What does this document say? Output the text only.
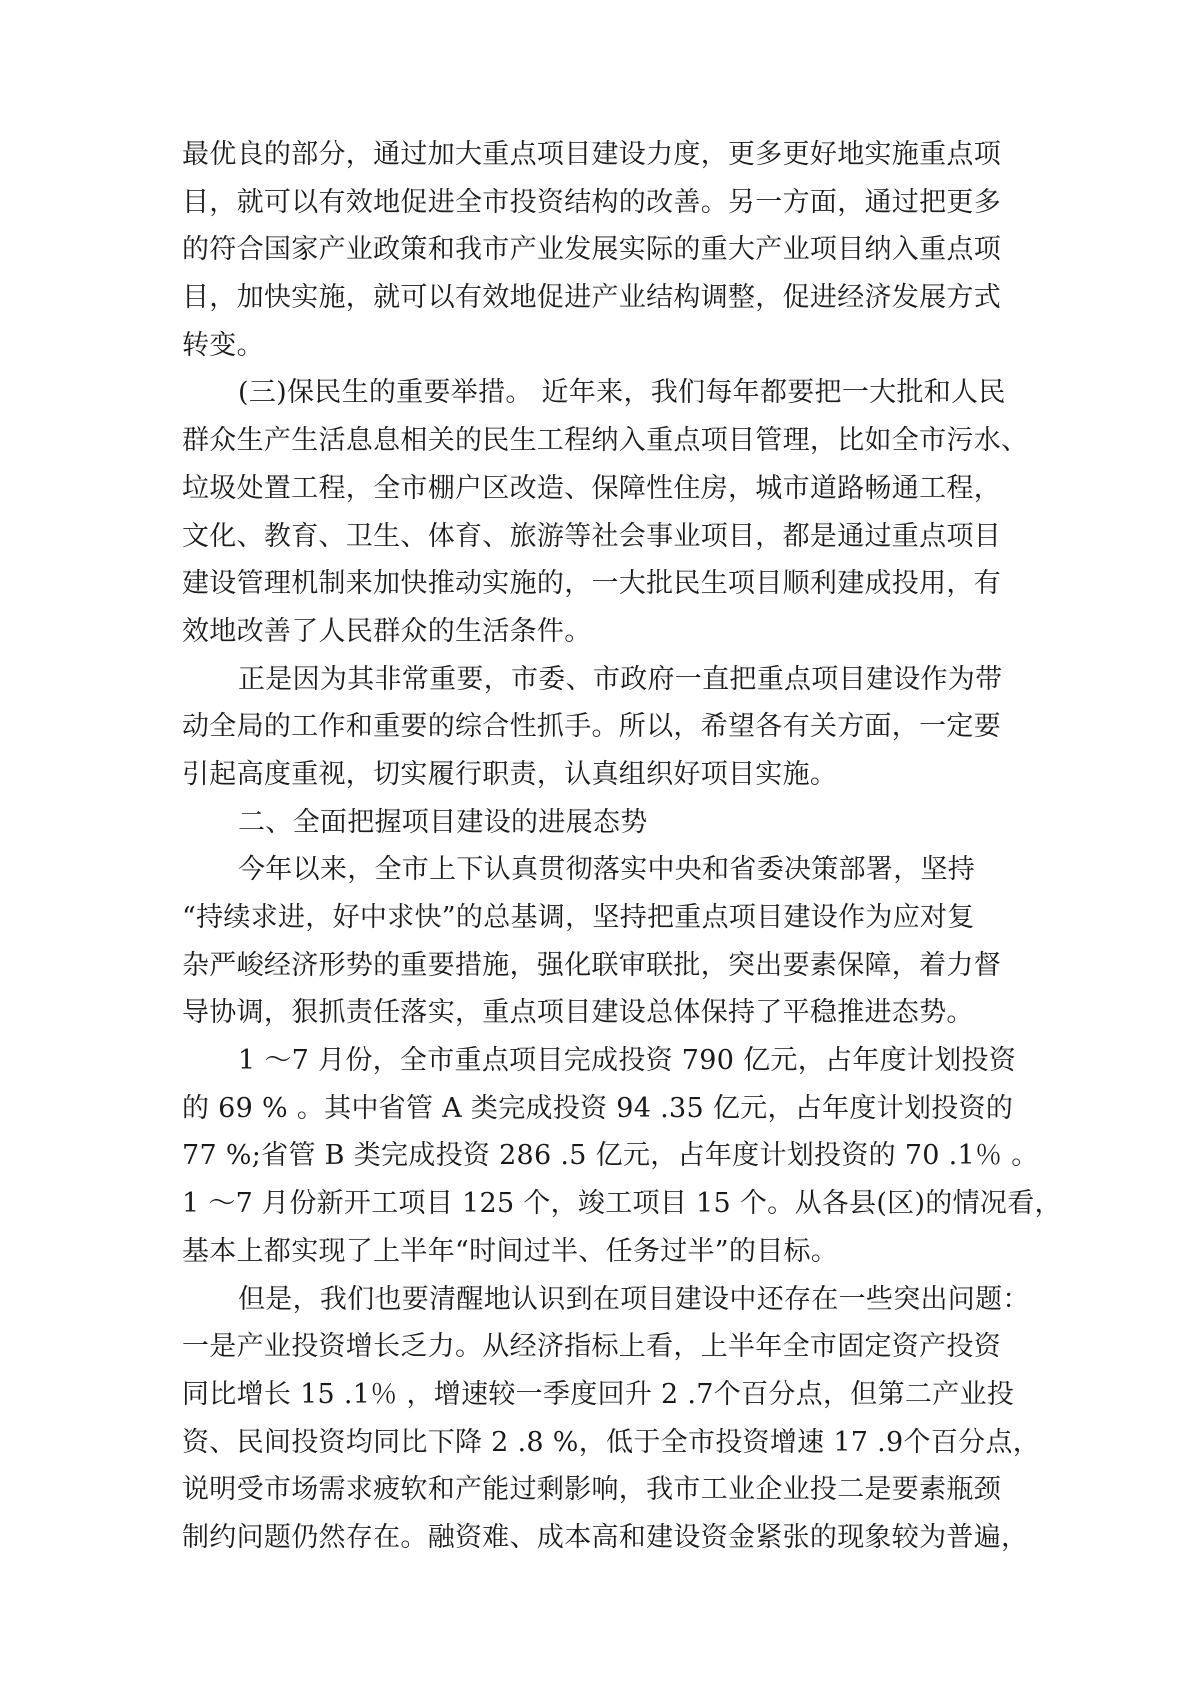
最优良的部分，通过加大重点项目建设力度，更多更好地实施重点项
目，就可以有效地促进全市投资结构的改善。另一方面，通过把更多
的符合国家产业政策和我市产业发展实际的重大产业项目纳入重点项
目，加快实施，就可以有效地促进产业结构调整，促进经济发展方式
转变。
(三)保民生的重要举措。 近年来，我们每年都要把一大批和人民
群众生产生活息息相关的民生工程纳入重点项目管理，比如全市污水、
垃圾处置工程，全市棚户区改造、保障性住房，城市道路畅通工程，
文化、教育、卫生、体育、旅游等社会事业项目，都是通过重点项目
建设管理机制来加快推动实施的，一大批民生项目顺利建成投用，有
效地改善了人民群众的生活条件。
正是因为其非常重要，市委、市政府一直把重点项目建设作为带
动全局的工作和重要的综合性抓手。所以，希望各有关方面，一定要
引起高度重视，切实履行职责，认真组织好项目实施。
二、全面把握项目建设的进展态势
今年以来，全市上下认真贯彻落实中央和省委决策部署，坚持
“持续求进，好中求快”的总基调，坚持把重点项目建设作为应对复
杂严峻经济形势的重要措施，强化联审联批，突出要素保障，着力督
导协调，狠抓责任落实，重点项目建设总体保持了平稳推进态势。
1 ～7 月份，全市重点项目完成投资 790 亿元，占年度计划投资
的 69 % 。其中省管 A 类完成投资 94 .35 亿元，占年度计划投资的
77 %;省管 B 类完成投资 286 .5 亿元，占年度计划投资的 70 .1％ 。
1 ～7 月份新开工项目 125 个，竣工项目 15 个。从各县(区)的情况看，
基本上都实现了上半年“时间过半、任务过半”的目标。
但是，我们也要清醒地认识到在项目建设中还存在一些突出问题：
一是产业投资增长乏力。从经济指标上看，上半年全市固定资产投资
同比增长 15 .1％ ，增速较一季度回升 2 .7个百分点，但第二产业投
资、民间投资均同比下降 2 .8 %，低于全市投资增速 17 .9个百分点，
说明受市场需求疲软和产能过剩影响，我市工业企业投二是要素瓶颈
制约问题仍然存在。融资难、成本高和建设资金紧张的现象较为普遍，
